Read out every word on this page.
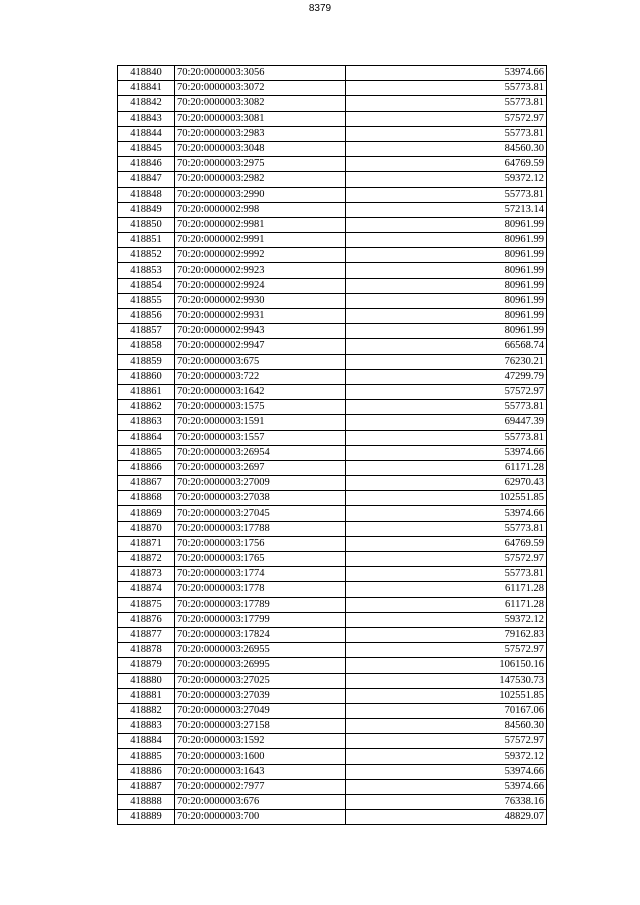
8379
418840	70:20:0000003:3056	53974.66
418841	70:20:0000003:3072	55773.81
418842	70:20:0000003:3082	55773.81
418843	70:20:0000003:3081	57572.97
418844	70:20:0000003:2983	55773.81
418845	70:20:0000003:3048	84560.30
418846	70:20:0000003:2975	64769.59
418847	70:20:0000003:2982	59372.12
418848	70:20:0000003:2990	55773.81
418849	70:20:0000002:998	57213.14
418850	70:20:0000002:9981	80961.99
418851	70:20:0000002:9991	80961.99
418852	70:20:0000002:9992	80961.99
418853	70:20:0000002:9923	80961.99
418854	70:20:0000002:9924	80961.99
418855	70:20:0000002:9930	80961.99
418856	70:20:0000002:9931	80961.99
418857	70:20:0000002:9943	80961.99
418858	70:20:0000002:9947	66568.74
418859	70:20:0000003:675	76230.21
418860	70:20:0000003:722	47299.79
418861	70:20:0000003:1642	57572.97
418862	70:20:0000003:1575	55773.81
418863	70:20:0000003:1591	69447.39
418864	70:20:0000003:1557	55773.81
418865	70:20:0000003:26954	53974.66
418866	70:20:0000003:2697	61171.28
418867	70:20:0000003:27009	62970.43
418868	70:20:0000003:27038	102551.85
418869	70:20:0000003:27045	53974.66
418870	70:20:0000003:17788	55773.81
418871	70:20:0000003:1756	64769.59
418872	70:20:0000003:1765	57572.97
418873	70:20:0000003:1774	55773.81
418874	70:20:0000003:1778	61171.28
418875	70:20:0000003:17789	61171.28
418876	70:20:0000003:17799	59372.12
418877	70:20:0000003:17824	79162.83
418878	70:20:0000003:26955	57572.97
418879	70:20:0000003:26995	106150.16
418880	70:20:0000003:27025	147530.73
418881	70:20:0000003:27039	102551.85
418882	70:20:0000003:27049	70167.06
418883	70:20:0000003:27158	84560.30
418884	70:20:0000003:1592	57572.97
418885	70:20:0000003:1600	59372.12
418886	70:20:0000003:1643	53974.66
418887	70:20:0000002:7977	53974.66
418888	70:20:0000003:676	76338.16
418889	70:20:0000003:700	48829.07
